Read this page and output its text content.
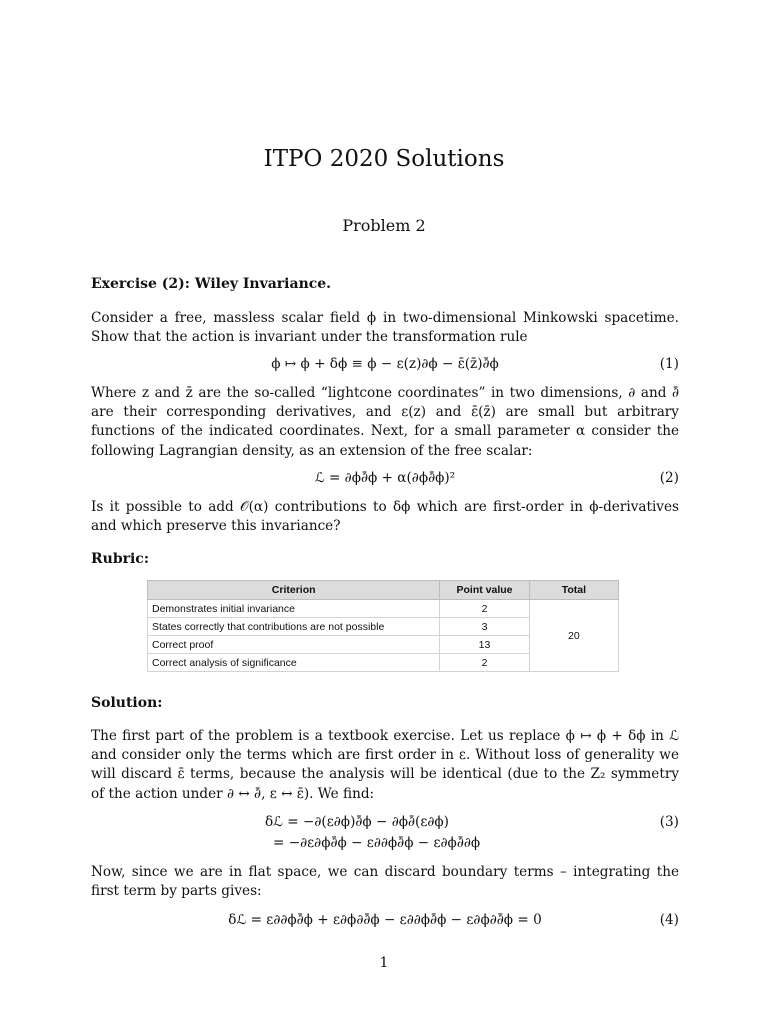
ITPO 2020 Solutions
Problem 2
Exercise (2): Wiley Invariance.
Consider a free, massless scalar field ϕ in two-dimensional Minkowski spacetime. Show that the action is invariant under the transformation rule
ϕ ↦ ϕ + δϕ ≡ ϕ − ε(z)∂ϕ − ε̄(z̄)∂̄ϕ	(1)
Where z and z̄ are the so-called “lightcone coordinates” in two dimensions, ∂ and ∂̄ are their corresponding derivatives, and ε(z) and ε̄(z̄) are small but arbitrary functions of the indicated coordinates. Next, for a small parameter α consider the following Lagrangian density, as an extension of the free scalar:
ℒ = ∂ϕ∂̄ϕ + α(∂ϕ∂̄ϕ)²	(2)
Is it possible to add 𝒪(α) contributions to δϕ which are first-order in ϕ-derivatives and which preserve this invariance?
Rubric:
Criterion	Point value	Total
Demonstrates initial invariance	2	20
States correctly that contributions are not possible	3	
Correct proof	13	
Correct analysis of significance	2	
Solution:
The first part of the problem is a textbook exercise. Let us replace ϕ ↦ ϕ + δϕ in ℒ and consider only the terms which are first order in ε. Without loss of generality we will discard ε̄ terms, because the analysis will be identical (due to the Z₂ symmetry of the action under ∂ ↔ ∂̄, ε ↔ ε̄). We find:
δℒ = −∂(ε∂ϕ)∂̄ϕ − ∂ϕ∂̄(ε∂ϕ)
= −∂ε∂ϕ∂̄ϕ − ε∂∂ϕ∂̄ϕ − ε∂ϕ∂̄∂ϕ
(3)
Now, since we are in flat space, we can discard boundary terms – integrating the first term by parts gives:
δℒ = ε∂∂ϕ∂̄ϕ + ε∂ϕ∂∂̄ϕ − ε∂∂ϕ∂̄ϕ − ε∂ϕ∂∂̄ϕ = 0	(4)
1
